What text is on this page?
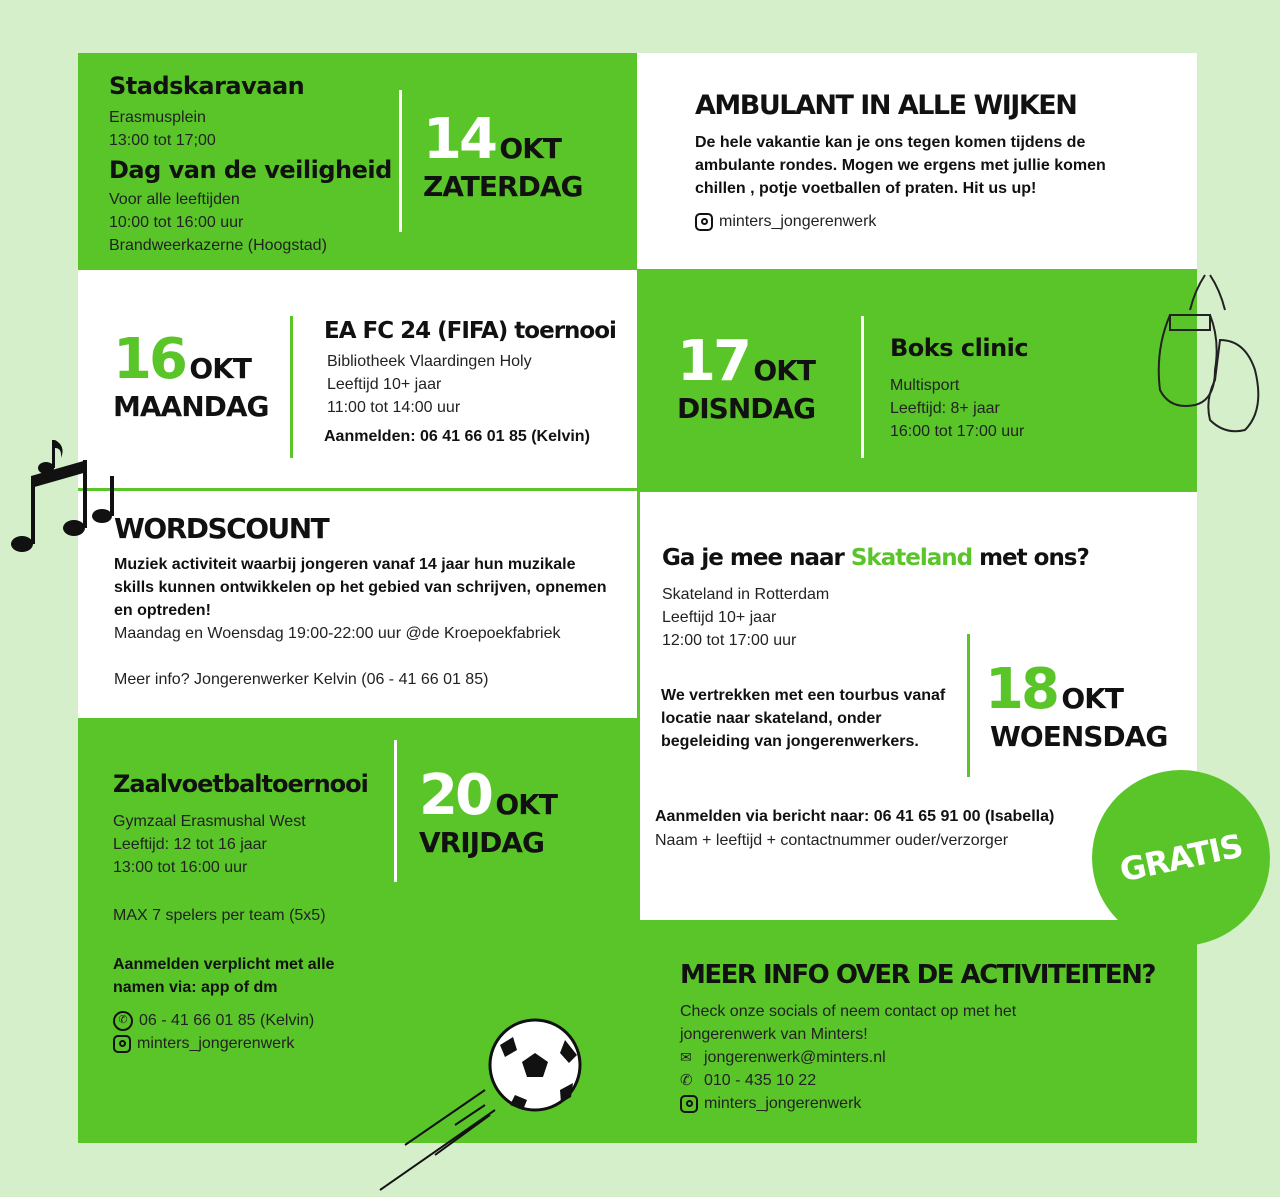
Stadskaravaan
Erasmusplein
13:00 tot 17;00
Dag van de veiligheid
Voor alle leeftijden
10:00 tot 16:00 uur
Brandweerkazerne (Hoogstad)
14 OKT
ZATERDAG
AMBULANT IN ALLE WIJKEN
De hele vakantie kan je ons tegen komen tijdens de ambulante rondes. Mogen we ergens met jullie komen chillen , potje voetballen of praten. Hit us up!
minters_jongerenwerk
16 OKT
MAANDAG
EA FC 24 (FIFA) toernooi
Bibliotheek Vlaardingen Holy
Leeftijd 10+ jaar
11:00 tot 14:00 uur
Aanmelden: 06 41 66 01 85 (Kelvin)
17 OKT
DISNDAG
Boks clinic
Multisport
Leeftijd: 8+ jaar
16:00 tot 17:00 uur
WORDSCOUNT
Muziek activiteit waarbij jongeren vanaf 14 jaar hun muzikale skills kunnen ontwikkelen op het gebied van schrijven, opnemen en optreden!
Maandag en Woensdag 19:00-22:00 uur @de Kroepoekfabriek
Meer info? Jongerenwerker Kelvin (06 - 41 66 01 85)
Ga je mee naar Skateland met ons?
Skateland in Rotterdam
Leeftijd 10+ jaar
12:00 tot 17:00 uur
We vertrekken met een tourbus vanaf locatie naar skateland, onder begeleiding van jongerenwerkers.
18 OKT
WOENSDAG
Aanmelden via bericht naar: 06 41 65 91 00 (Isabella)
Naam + leeftijd + contactnummer ouder/verzorger	GRATIS
Zaalvoetbaltoernooi
Gymzaal Erasmushal West
Leeftijd: 12 tot 16 jaar
13:00 tot 16:00 uur
MAX 7 spelers per team (5x5)
Aanmelden verplicht met alle namen via: app of dm
✆ 06 - 41 66 01 85 (Kelvin)
minters_jongerenwerk
20 OKT
VRIJDAG
MEER INFO OVER DE ACTIVITEITEN?
Check onze socials of neem contact op met het jongerenwerk van Minters!
✉ jongerenwerk@minters.nl
✆ 010 - 435 10 22
minters_jongerenwerk
